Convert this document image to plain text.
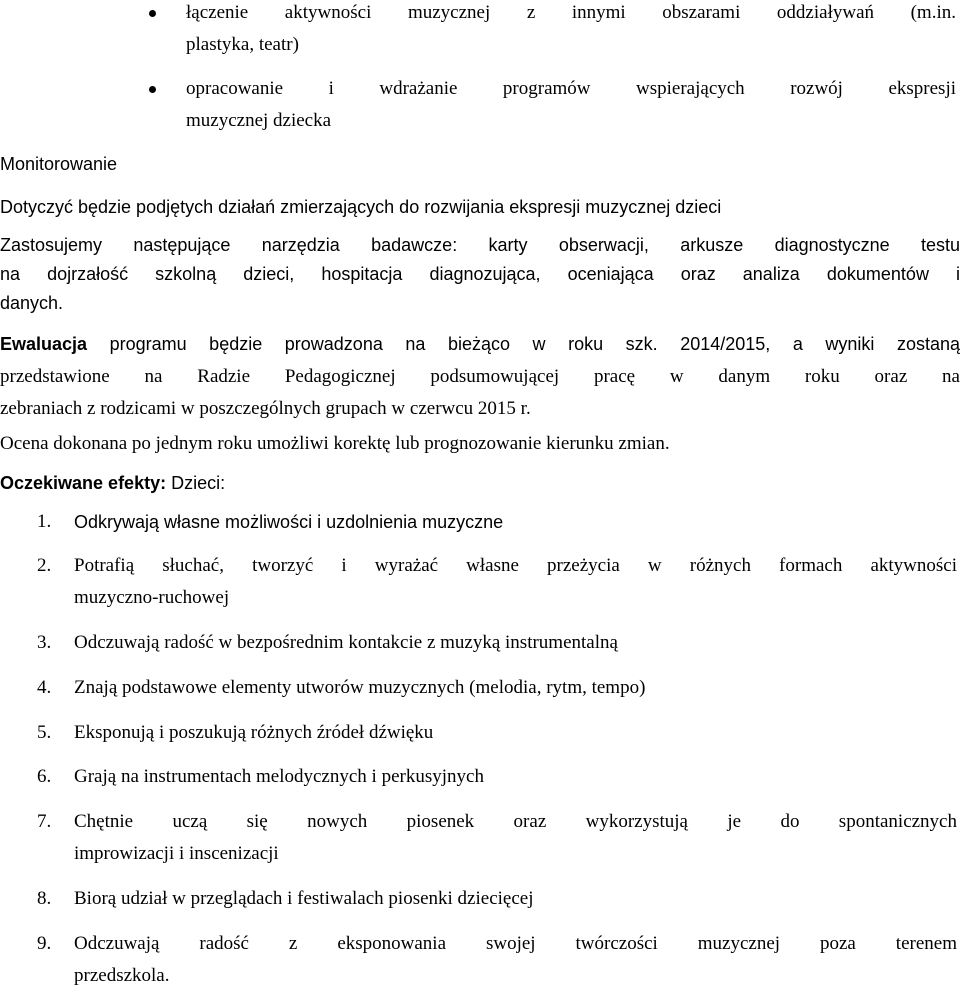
łączenie aktywności muzycznej z innymi obszarami oddziaływań (m.in.
plastyka, teatr)
opracowanie i wdrażanie programów wspierających rozwój ekspresji
muzycznej dziecka
Monitorowanie
Dotyczyć będzie podjętych działań zmierzających do rozwijania ekspresji muzycznej dzieci
Zastosujemy następujące narzędzia badawcze: karty obserwacji, arkusze diagnostyczne testu
na dojrzałość szkolną dzieci, hospitacja diagnozująca, oceniająca oraz analiza dokumentów i
danych.
Ewaluacja programu będzie prowadzona na bieżąco w roku szk. 2014/2015, a wyniki zostaną
przedstawione na Radzie Pedagogicznej podsumowującej pracę w danym roku oraz na
zebraniach z rodzicami w poszczególnych grupach w czerwcu 2015 r.
Ocena dokonana po jednym roku umożliwi korektę lub prognozowanie kierunku zmian.
Oczekiwane efekty: Dzieci:
1. Odkrywają własne możliwości i uzdolnienia muzyczne
2. Potrafią słuchać, tworzyć i wyrażać własne przeżycia w różnych formach aktywności
muzyczno-ruchowej
3. Odczuwają radość w bezpośrednim kontakcie z muzyką instrumentalną
4. Znają podstawowe elementy utworów muzycznych (melodia, rytm, tempo)
5. Eksponują i poszukują różnych źródeł dźwięku
6. Grają na instrumentach melodycznych i perkusyjnych
7. Chętnie uczą się nowych piosenek oraz wykorzystują je do spontanicznych
improwizacji i inscenizacji
8. Biorą udział w przeglądach i festiwalach piosenki dziecięcej
9. Odczuwają radość z eksponowania swojej twórczości muzycznej poza terenem
przedszkola.
